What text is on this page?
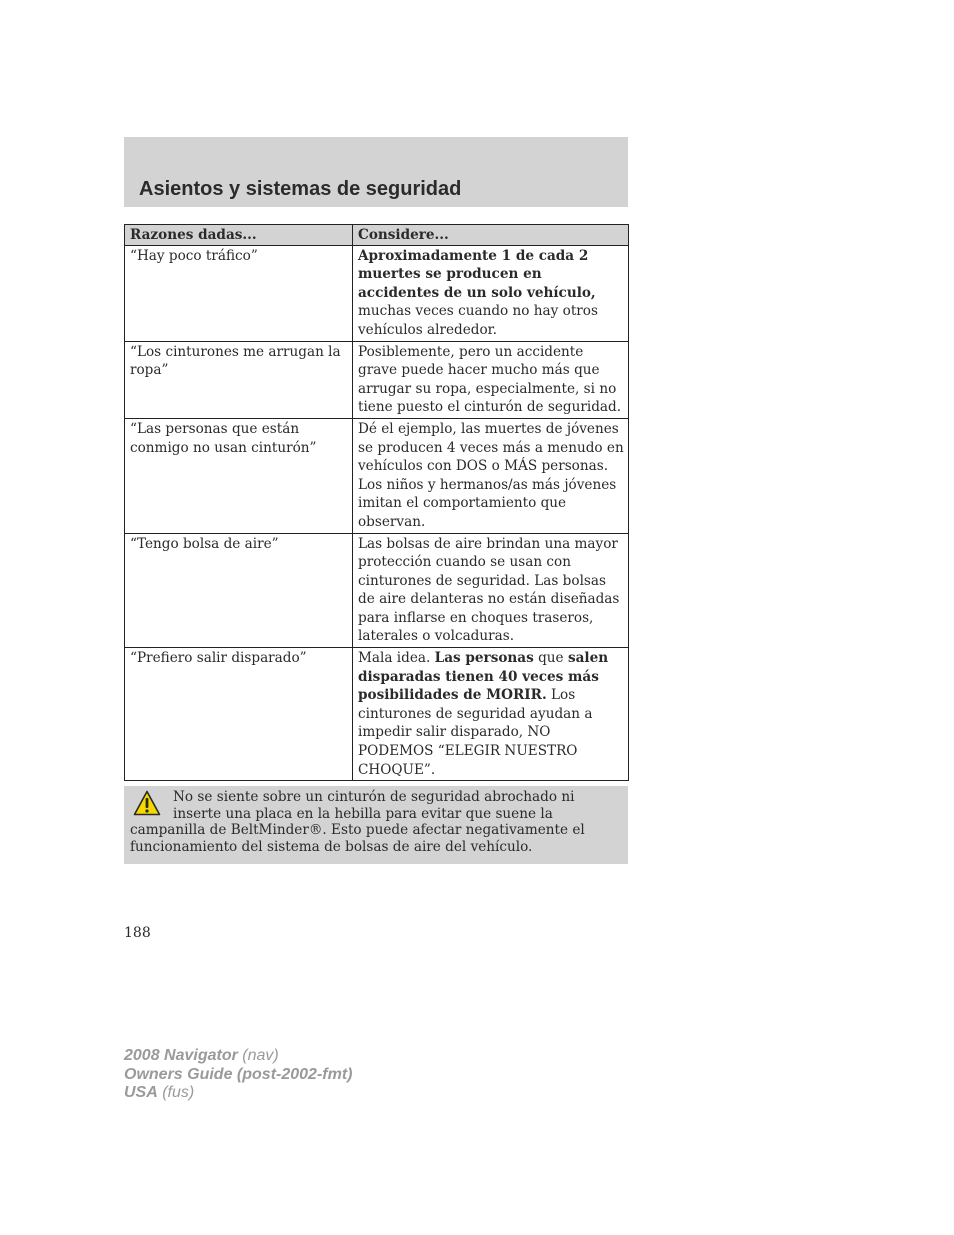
Asientos y sistemas de seguridad
Razones dadas...	Considere...
“Hay poco tráfico”	Aproximadamente 1 de cada 2 muertes se producen en accidentes de un solo vehículo, muchas veces cuando no hay otros vehículos alrededor.
“Los cinturones me arrugan la ropa”	Posiblemente, pero un accidente grave puede hacer mucho más que arrugar su ropa, especialmente, si no tiene puesto el cinturón de seguridad.
“Las personas que están conmigo no usan cinturón”	Dé el ejemplo, las muertes de jóvenes se producen 4 veces más a menudo en vehículos con DOS o MÁS personas. Los niños y hermanos/as más jóvenes imitan el comportamiento que observan.
“Tengo bolsa de aire”	Las bolsas de aire brindan una mayor protección cuando se usan con cinturones de seguridad. Las bolsas de aire delanteras no están diseñadas para inflarse en choques traseros, laterales o volcaduras.
“Prefiero salir disparado”	Mala idea. Las personas que salen disparadas tienen 40 veces más posibilidades de MORIR. Los cinturones de seguridad ayudan a impedir salir disparado, NO PODEMOS “ELEGIR NUESTRO CHOQUE”.
No se siente sobre un cinturón de seguridad abrochado ni inserte una placa en la hebilla para evitar que suene la campanilla de BeltMinder®. Esto puede afectar negativamente el funcionamiento del sistema de bolsas de aire del vehículo.
188
2008 Navigator (nav)
Owners Guide (post-2002-fmt)
USA (fus)
